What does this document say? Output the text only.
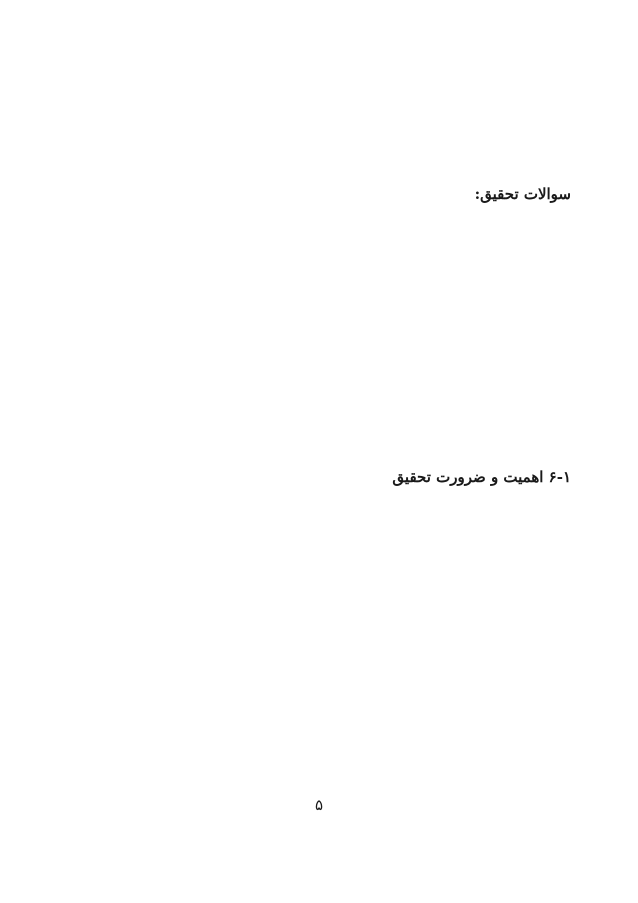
سوالات تحقیق:

۶-۱ اهمیت و ضرورت تحقیق

۵
